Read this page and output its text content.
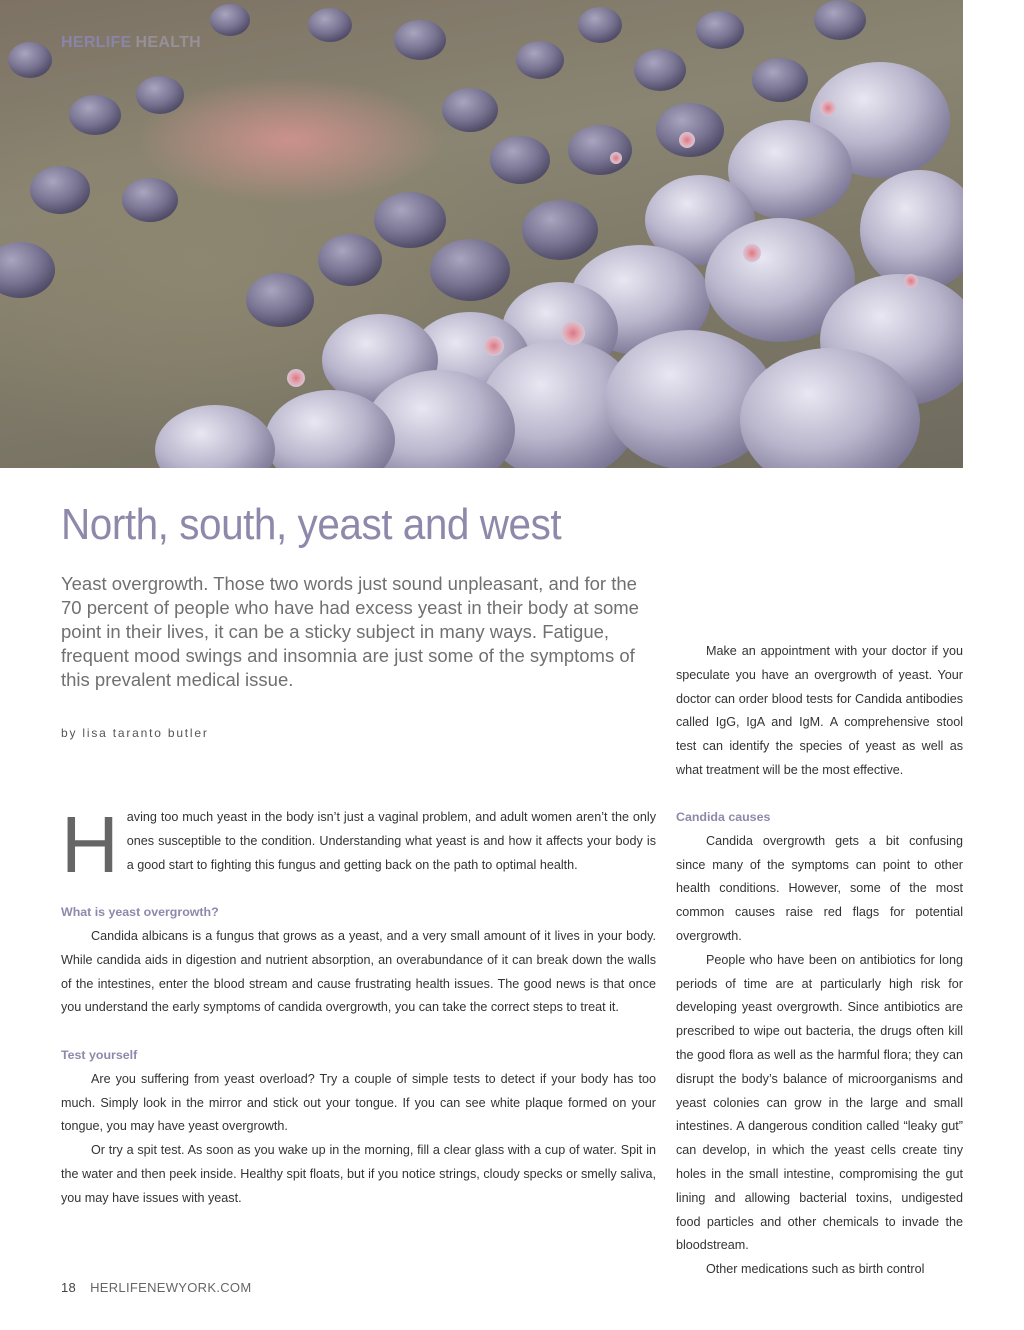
HERLIFE HEALTH
North, south, yeast and west

Yeast overgrowth. Those two words just sound unpleasant, and for the 70 percent of people who have had excess yeast in their body at some point in their lives, it can be a sticky subject in many ways. Fatigue, frequent mood swings and insomnia are just some of the symptoms of this prevalent medical issue.

by lisa taranto butler
H aving too much yeast in the body isn’t just a vaginal problem, and adult women aren’t the only ones susceptible to the condition. Understanding what yeast is and how it affects your body is a good start to fighting this fungus and getting back on the path to optimal health.

What is yeast overgrowth?

Candida albicans is a fungus that grows as a yeast, and a very small amount of it lives in your body. While candida aids in digestion and nutrient absorption, an overabundance of it can break down the walls of the intestines, enter the blood stream and cause frustrating health issues. The good news is that once you understand the early symptoms of candida overgrowth, you can take the correct steps to treat it.

Test yourself

Are you suffering from yeast overload? Try a couple of simple tests to detect if your body has too much. Simply look in the mirror and stick out your tongue. If you can see white plaque formed on your tongue, you may have yeast overgrowth.

Or try a spit test. As soon as you wake up in the morning, fill a clear glass with a cup of water. Spit in the water and then peek inside. Healthy spit floats, but if you notice strings, cloudy specks or smelly saliva, you may have issues with yeast.

Make an appointment with your doctor if you speculate you have an overgrowth of yeast. Your doctor can order blood tests for Candida antibodies called IgG, IgA and IgM. A comprehensive stool test can identify the species of yeast as well as what treatment will be the most effective.

Candida causes

Candida overgrowth gets a bit confusing since many of the symptoms can point to other health conditions. However, some of the most common causes raise red flags for potential overgrowth.

People who have been on antibiotics for long periods of time are at particularly high risk for developing yeast overgrowth. Since antibiotics are prescribed to wipe out bacteria, the drugs often kill the good flora as well as the harmful flora; they can disrupt the body’s balance of microorganisms and yeast colonies can grow in the large and small intestines. A dangerous condition called “leaky gut” can develop, in which the yeast cells create tiny holes in the small intestine, compromising the gut lining and allowing bacterial toxins, undigested food particles and other chemicals to invade the bloodstream.

Other medications such as birth control

18 HERLIFENEWYORK.COM
